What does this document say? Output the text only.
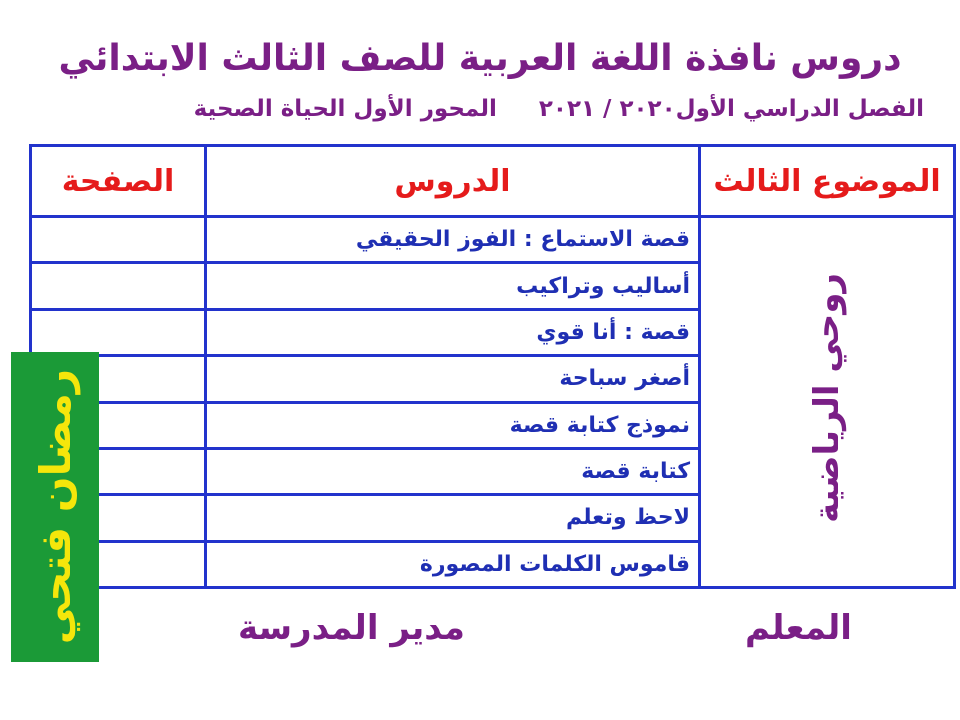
دروس نافذة اللغة العربية للصف الثالث الابتدائي
الفصل الدراسي الأول٢٠٢٠ / ٢٠٢١ المحور الأول الحياة الصحية
الموضوع الثالث	الدروس	الصفحة
روحي الرياضية	قصة الاستماع : الفوز الحقيقي	
	أساليب وتراكيب	
	قصة : أنا قوي	
	أصغر سباحة	
	نموذج كتابة قصة	
	كتابة قصة	
	لاحظ وتعلم	
	قاموس الكلمات المصورة	
رمضان فتحي	مدير المدرسة	المعلم
